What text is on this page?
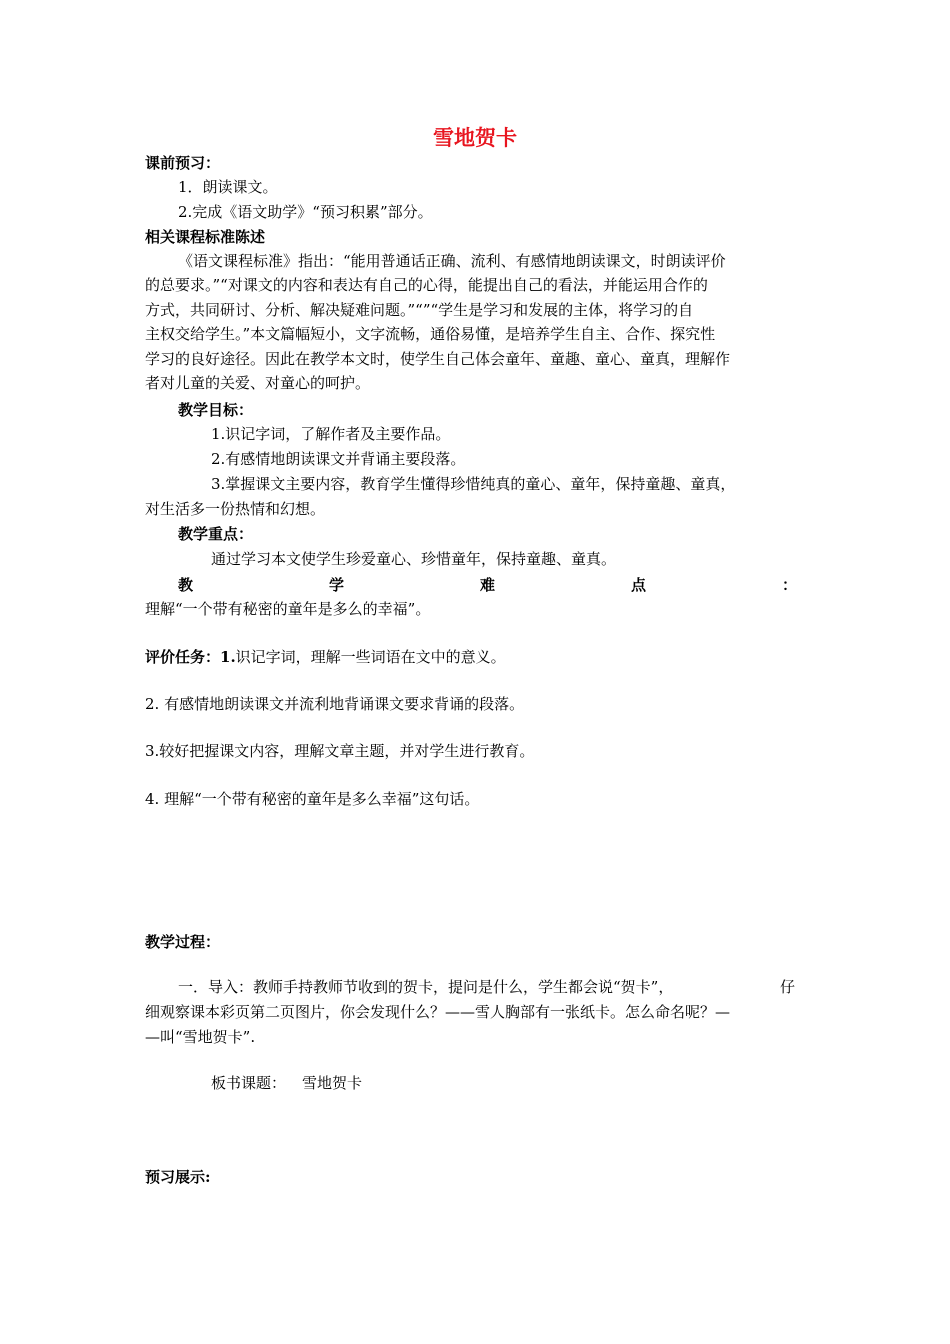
雪地贺卡
课前预习：
1．朗读课文。
2.完成《语文助学》“预习积累”部分。
相关课程标准陈述
《语文课程标准》指出：“能用普通话正确、流利、有感情地朗读课文，时朗读评价
的总要求。”“对课文的内容和表达有自己的心得，能提出自己的看法，并能运用合作的
方式，共同研讨、分析、解决疑难问题。”“”“学生是学习和发展的主体，将学习的自
主权交给学生。”本文篇幅短小，文字流畅，通俗易懂，是培养学生自主、合作、探究性
学习的良好途径。因此在教学本文时，使学生自己体会童年、童趣、童心、童真，理解作
者对儿童的关爱、对童心的呵护。
教学目标：
1.识记字词，了解作者及主要作品。
2.有感情地朗读课文并背诵主要段落。
3.掌握课文主要内容，教育学生懂得珍惜纯真的童心、童年，保持童趣、童真，
对生活多一份热情和幻想。
教学重点：
通过学习本文使学生珍爱童心、珍惜童年，保持童趣、童真。
教	学	难	点	：
理解“一个带有秘密的童年是多么的幸福”。
评价任务：1.识记字词，理解一些词语在文中的意义。
2. 有感情地朗读课文并流利地背诵课文要求背诵的段落。
3.较好把握课文内容，理解文章主题，并对学生进行教育。
4. 理解“一个带有秘密的童年是多么幸福”这句话。
教学过程：
一．导入：教师手持教师节收到的贺卡，提问是什么，学生都会说“贺卡”，	仔
细观察课本彩页第二页图片，你会发现什么？——雪人胸部有一张纸卡。怎么命名呢？—
—叫“雪地贺卡”.
板书课题： 雪地贺卡
预习展示:
